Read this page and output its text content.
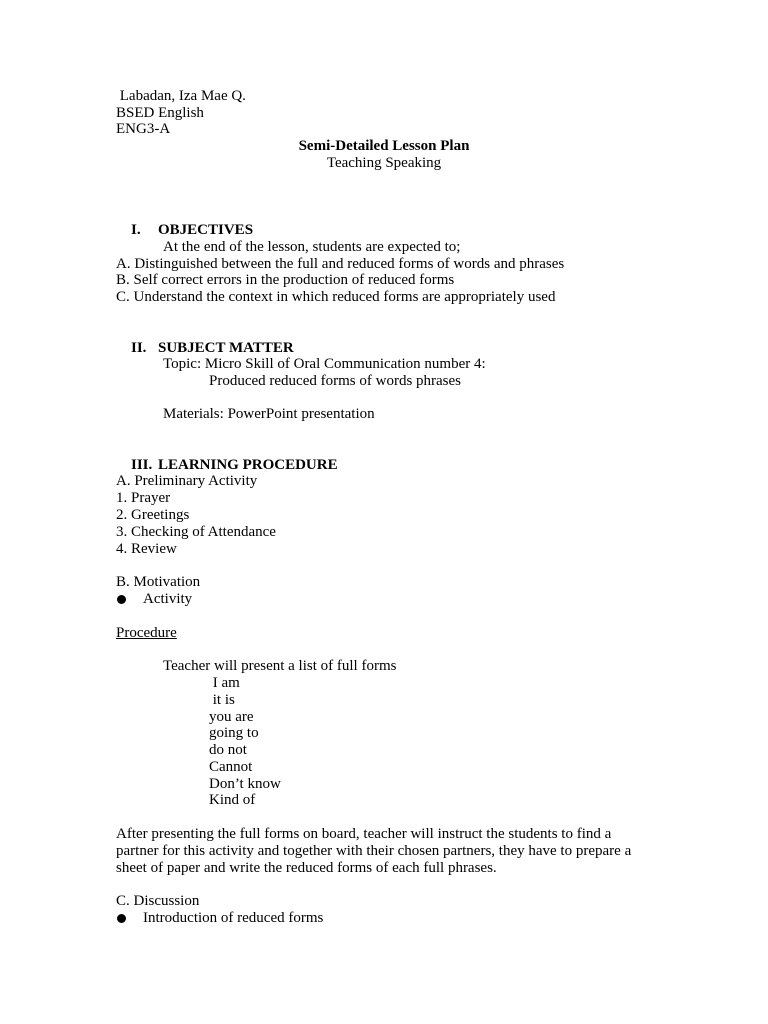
Labadan, Iza Mae Q.
BSED English
ENG3-A
Semi-Detailed Lesson Plan
Teaching Speaking

I. OBJECTIVES

At the end of the lesson, students are expected to;
A. Distinguished between the full and reduced forms of words and phrases
B. Self correct errors in the production of reduced forms
C. Understand the context in which reduced forms are appropriately used

II. SUBJECT MATTER

Topic: Micro Skill of Oral Communication number 4:
Produced reduced forms of words phrases
Materials: PowerPoint presentation

III. LEARNING PROCEDURE

A. Preliminary Activity
1. Prayer
2. Greetings
3. Checking of Attendance
4. Review
B. Motivation

Activity

Procedure
Teacher will present a list of full forms
I am
it is
you are
going to
do not
Cannot
Don’t know
Kind of
After presenting the full forms on board, teacher will instruct the students to find a
partner for this activity and together with their chosen partners, they have to prepare a
sheet of paper and write the reduced forms of each full phrases.
C. Discussion

Introduction of reduced forms
